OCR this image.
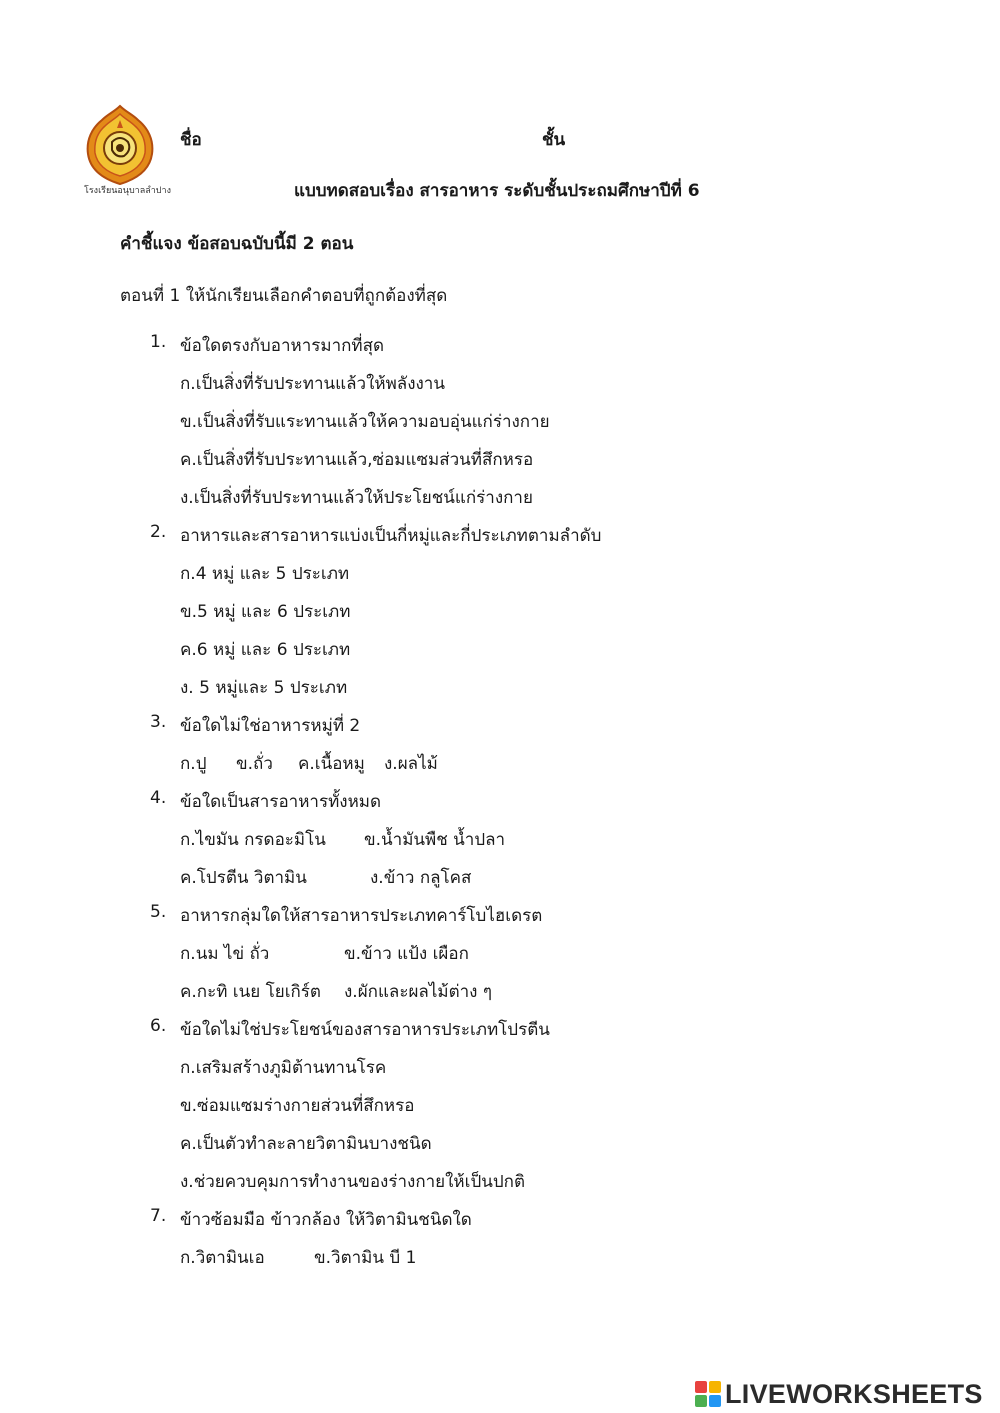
โรงเรียนอนุบาลลำปาง
ชื่อ	ชั้น
แบบทดสอบเรื่อง สารอาหาร ระดับชั้นประถมศึกษาปีที่ 6
คำชี้แจง ข้อสอบฉบับนี้มี 2 ตอน
ตอนที่ 1 ให้นักเรียนเลือกคำตอบที่ถูกต้องที่สุด
1. ข้อใดตรงกับอาหารมากที่สุด
ก.เป็นสิ่งที่รับประทานแล้วให้พลังงาน
ข.เป็นสิ่งที่รับแระทานแล้วให้ความอบอุ่นแก่ร่างกาย
ค.เป็นสิ่งที่รับประทานแล้ว,ซ่อมแซมส่วนที่สึกหรอ
ง.เป็นสิ่งที่รับประทานแล้วให้ประโยชน์แก่ร่างกาย
2. อาหารและสารอาหารแบ่งเป็นกี่หมู่และกี่ประเภทตามลำดับ
ก.4 หมู่ และ 5 ประเภท
ข.5 หมู่ และ 6 ประเภท
ค.6 หมู่ และ 6 ประเภท
ง. 5 หมู่และ 5 ประเภท
3. ข้อใดไม่ใช่อาหารหมู่ที่ 2
ก.ปู ข.ถั่ว ค.เนื้อหมู ง.ผลไม้
4. ข้อใดเป็นสารอาหารทั้งหมด
ก.ไขมัน กรดอะมิโน ข.น้ำมันพืช น้ำปลา
ค.โปรตีน วิตามิน	ง.ข้าว กลูโคส
5. อาหารกลุ่มใดให้สารอาหารประเภทคาร์โบไฮเดรต
ก.นม ไข่ ถั่ว	ข.ข้าว แป้ง เผือก
ค.กะทิ เนย โยเกิร์ต ง.ผักและผลไม้ต่าง ๆ
6. ข้อใดไม่ใช่ประโยชน์ของสารอาหารประเภทโปรตีน
ก.เสริมสร้างภูมิต้านทานโรค
ข.ซ่อมแซมร่างกายส่วนที่สึกหรอ
ค.เป็นตัวทำละลายวิตามินบางชนิด
ง.ช่วยควบคุมการทำงานของร่างกายให้เป็นปกติ
7. ข้าวซ้อมมือ ข้าวกล้อง ให้วิตามินชนิดใด
ก.วิตามินเอ	ข.วิตามิน บี 1
LIVEWORKSHEETS
